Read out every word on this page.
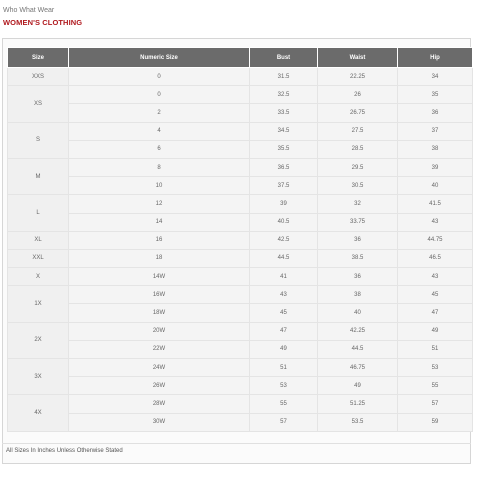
Who What Wear
WOMEN'S CLOTHING
Size	Numeric Size	Bust	Waist	Hip
XXS	0	31.5	22.25	34
XS	0	32.5	26	35
	2	33.5	26.75	36
S	4	34.5	27.5	37
	6	35.5	28.5	38
M	8	36.5	29.5	39
	10	37.5	30.5	40
L	12	39	32	41.5
	14	40.5	33.75	43
XL	16	42.5	36	44.75
XXL	18	44.5	38.5	46.5
X	14W	41	36	43
1X	16W	43	38	45
	18W	45	40	47
2X	20W	47	42.25	49
	22W	49	44.5	51
3X	24W	51	46.75	53
	26W	53	49	55
4X	28W	55	51.25	57
	30W	57	53.5	59
All Sizes In Inches Unless Otherwise Stated
